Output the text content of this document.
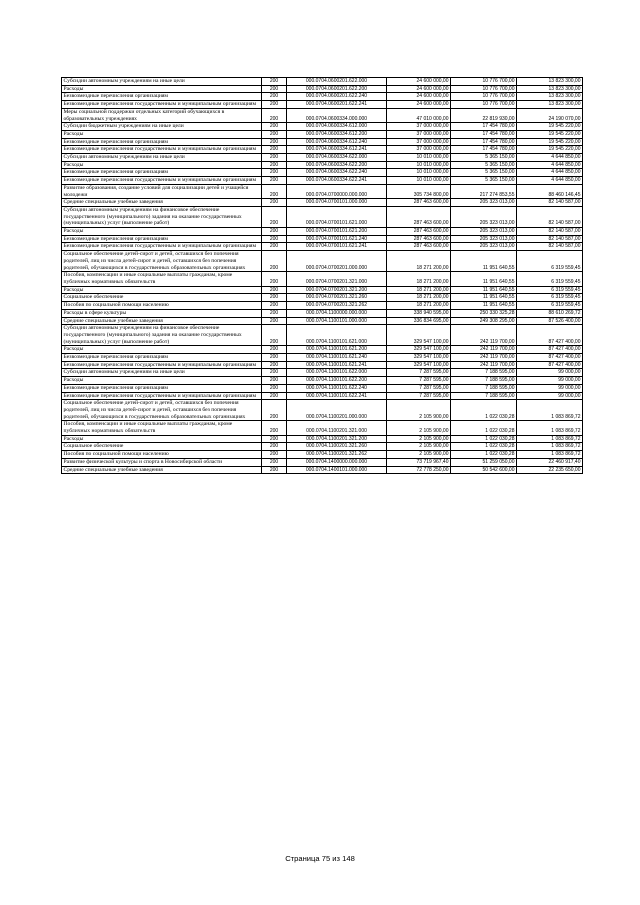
Субсидии автономным учреждениям на иные цели	200	000.0704.0600201.622.000	24 600 000,00	10 776 700,00	13 823 300,00
Расходы	200	000.0704.0600201.622.200	24 600 000,00	10 776 700,00	13 823 300,00
Безвозмездные перечисления организациям	200	000.0704.0600201.622.240	24 600 000,00	10 776 700,00	13 823 300,00
Безвозмездные перечисления государственным и муниципальным организациям	200	000.0704.0600201.622.241	24 600 000,00	10 776 700,00	13 823 300,00
Меры социальной поддержки отдельных категорий обучающихся в образовательных учреждениях	200	000.0704.0600334.000.000	47 010 000,00	22 819 930,00	24 190 070,00
Субсидии бюджетным учреждениям на иные цели	200	000.0704.0600334.612.000	37 000 000,00	17 454 780,00	19 545 220,00
Расходы	200	000.0704.0600334.612.200	37 000 000,00	17 454 780,00	19 545 220,00
Безвозмездные перечисления организациям	200	000.0704.0600334.612.240	37 000 000,00	17 454 780,00	19 545 220,00
Безвозмездные перечисления государственным и муниципальным организациям	200	000.0704.0600334.612.241	37 000 000,00	17 454 780,00	19 545 220,00
Субсидии автономным учреждениям на иные цели	200	000.0704.0600334.622.000	10 010 000,00	5 365 150,00	4 644 850,00
Расходы	200	000.0704.0600334.622.200	10 010 000,00	5 365 150,00	4 644 850,00
Безвозмездные перечисления организациям	200	000.0704.0600334.622.240	10 010 000,00	5 365 150,00	4 644 850,00
Безвозмездные перечисления государственным и муниципальным организациям	200	000.0704.0600334.622.241	10 010 000,00	5 365 150,00	4 644 850,00
Развитие образования, создание условий для социализации детей и учащейся молодежи	200	000.0704.0700000.000.000	305 734 800,00	217 274 853,55	88 460 146,45
Средние специальные учебные заведения	200	000.0704.0700101.000.000	287 463 600,00	205 323 013,00	82 140 587,00
Субсидии автономным учреждениям на финансовое обеспечение государственного (муниципального) задания на оказание государственных (муниципальных) услуг (выполнение работ)	200	000.0704.0700101.621.000	287 463 600,00	205 323 013,00	82 140 587,00
Расходы	200	000.0704.0700101.621.200	287 463 600,00	205 323 013,00	82 140 587,00
Безвозмездные перечисления организациям	200	000.0704.0700101.621.240	287 463 600,00	205 323 013,00	82 140 587,00
Безвозмездные перечисления государственным и муниципальным организациям	200	000.0704.0700101.621.241	287 463 600,00	205 323 013,00	82 140 587,00
Социальное обеспечение детей-сирот и детей, оставшихся без попечения родителей, лиц из числа детей-сирот и детей, оставшихся без попечения родителей, обучающихся в государственных образовательных организациях	200	000.0704.0700201.000.000	18 271 200,00	11 951 640,55	6 319 559,45
Пособия, компенсации и иные социальные выплаты гражданам, кроме публичных нормативных обязательств	200	000.0704.0700201.321.000	18 271 200,00	11 951 640,55	6 319 559,45
Расходы	200	000.0704.0700201.321.200	18 271 200,00	11 951 640,55	6 319 559,45
Социальное обеспечение	200	000.0704.0700201.321.260	18 271 200,00	11 951 640,55	6 319 559,45
Пособия по социальной помощи населению	200	000.0704.0700201.321.262	18 271 200,00	11 951 640,55	6 319 559,45
Расходы в сфере культуры	200	000.0704.1100000.000.000	338 940 595,00	250 330 325,28	88 610 269,72
Средние специальные учебные заведения	200	000.0704.1100101.000.000	336 834 695,00	249 308 295,00	87 526 400,00
Субсидии автономным учреждениям на финансовое обеспечение государственного (муниципального) задания на оказание государственных (муниципальных) услуг (выполнение работ)	200	000.0704.1100101.621.000	329 547 100,00	242 119 700,00	87 427 400,00
Расходы	200	000.0704.1100101.621.200	329 547 100,00	242 119 700,00	87 427 400,00
Безвозмездные перечисления организациям	200	000.0704.1100101.621.240	329 547 100,00	242 119 700,00	87 427 400,00
Безвозмездные перечисления государственным и муниципальным организациям	200	000.0704.1100101.621.241	329 547 100,00	242 119 700,00	87 427 400,00
Субсидии автономным учреждениям на иные цели	200	000.0704.1100101.622.000	7 287 595,00	7 188 595,00	99 000,00
Расходы	200	000.0704.1100101.622.200	7 287 595,00	7 188 595,00	99 000,00
Безвозмездные перечисления организациям	200	000.0704.1100101.622.240	7 287 595,00	7 188 595,00	99 000,00
Безвозмездные перечисления государственным и муниципальным организациям	200	000.0704.1100101.622.241	7 287 595,00	7 188 595,00	99 000,00
Социальное обеспечение детей-сирот и детей, оставшихся без попечения родителей, лиц из числа детей-сирот и детей, оставшихся без попечения родителей, обучающихся в государственных образовательных организациях	200	000.0704.1100201.000.000	2 105 900,00	1 022 030,28	1 083 869,72
Пособия, компенсации и иные социальные выплаты гражданам, кроме публичных нормативных обязательств	200	000.0704.1100201.321.000	2 105 900,00	1 022 030,28	1 083 869,72
Расходы	200	000.0704.1100201.321.200	2 105 900,00	1 022 030,28	1 083 869,72
Социальное обеспечение	200	000.0704.1100201.321.260	2 105 900,00	1 022 030,28	1 083 869,72
Пособия по социальной помощи населению	200	000.0704.1100201.321.262	2 105 900,00	1 022 030,28	1 083 869,72
Развитие физической культуры и спорта в Новосибирской области	200	000.0704.1400000.000.000	73 719 967,40	51 259 050,00	22 460 917,40
Средние специальные учебные заведения	200	000.0704.1400101.000.000	72 778 250,00	50 542 600,00	22 235 650,00
Страница 75 из 148
